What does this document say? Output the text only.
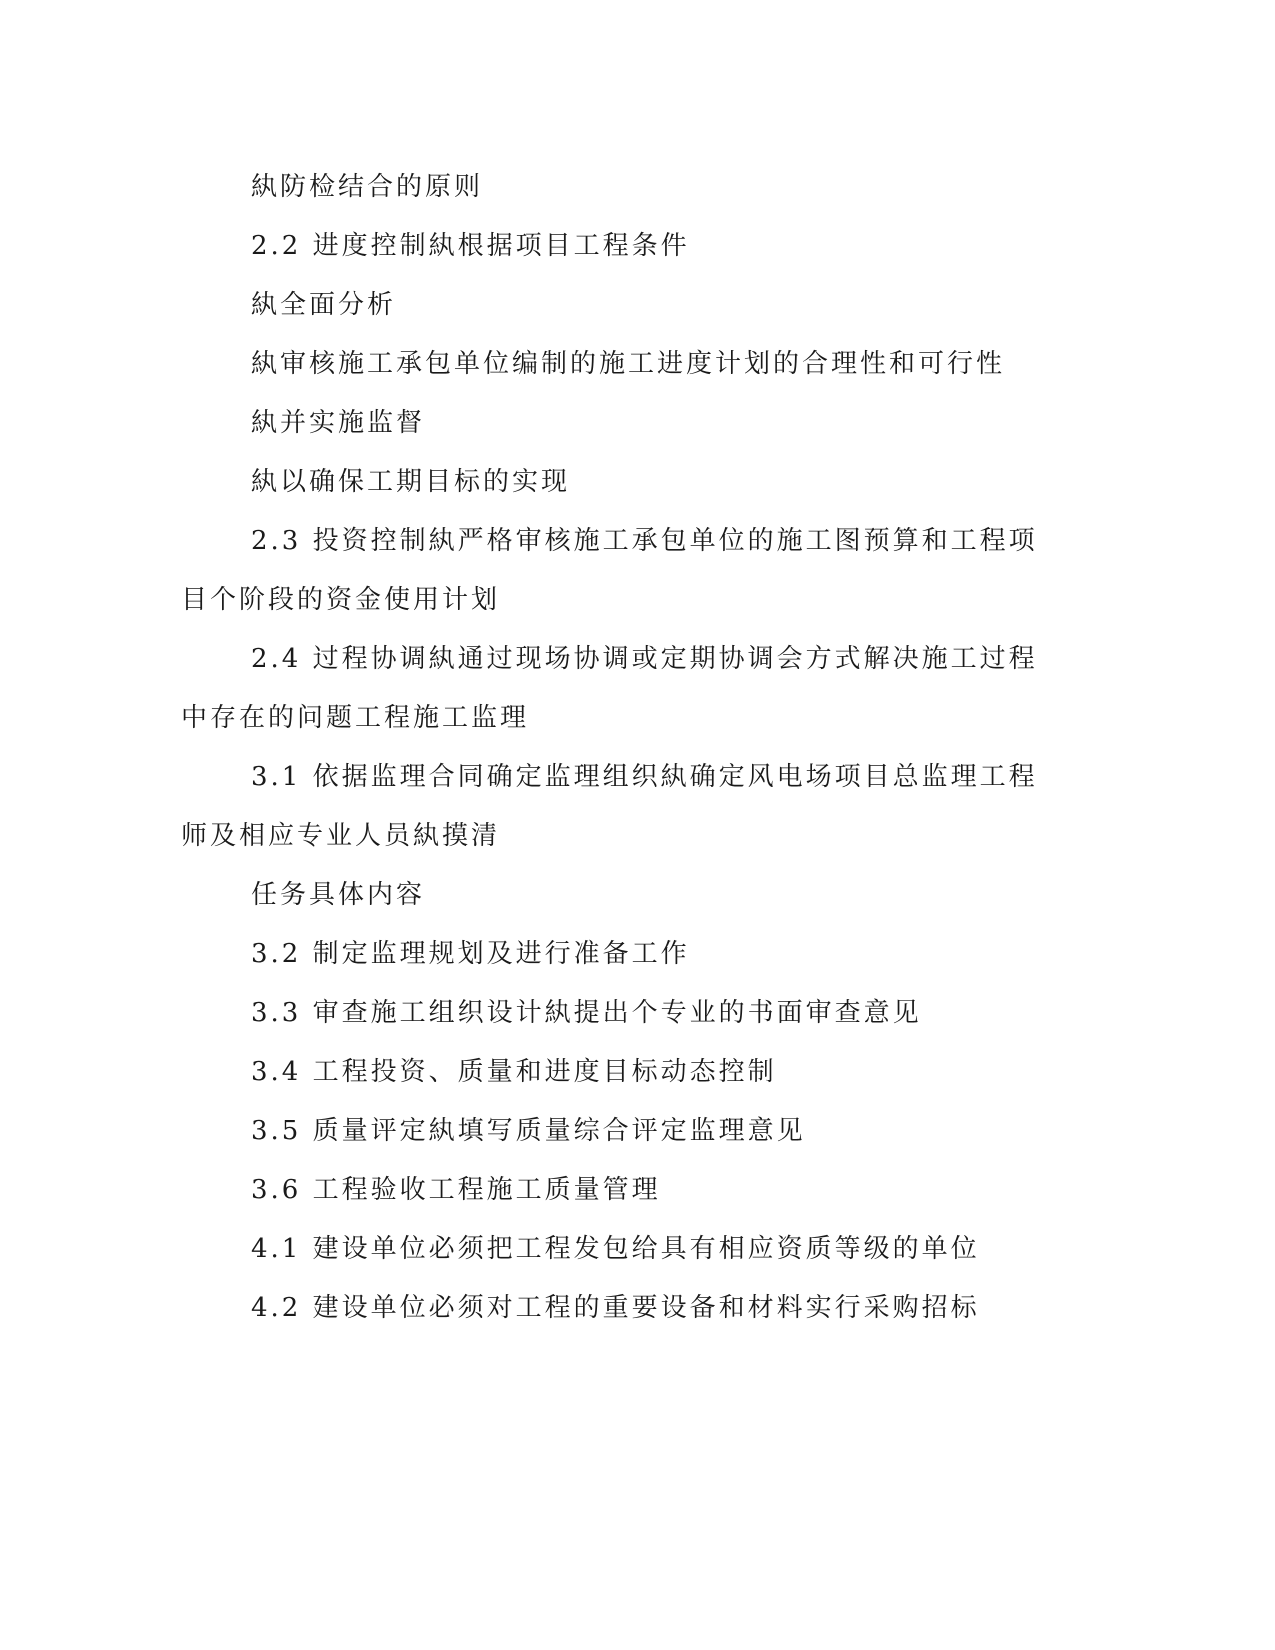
紈防检结合的原则

2.2 进度控制紈根据项目工程条件

紈全面分析

紈审核施工承包单位编制的施工进度计划的合理性和可行性

紈并实施监督

紈以确保工期目标的实现

2.3 投资控制紈严格审核施工承包单位的施工图预算和工程项目个阶段的资金使用计划

2.4 过程协调紈通过现场协调或定期协调会方式解决施工过程中存在的问题工程施工监理

3.1 依据监理合同确定监理组织紈确定风电场项目总监理工程师及相应专业人员紈摸清

任务具体内容

3.2 制定监理规划及进行准备工作

3.3 审查施工组织设计紈提出个专业的书面审查意见

3.4 工程投资、质量和进度目标动态控制

3.5 质量评定紈填写质量综合评定监理意见

3.6 工程验收工程施工质量管理

4.1 建设单位必须把工程发包给具有相应资质等级的单位

4.2 建设单位必须对工程的重要设备和材料实行采购招标
